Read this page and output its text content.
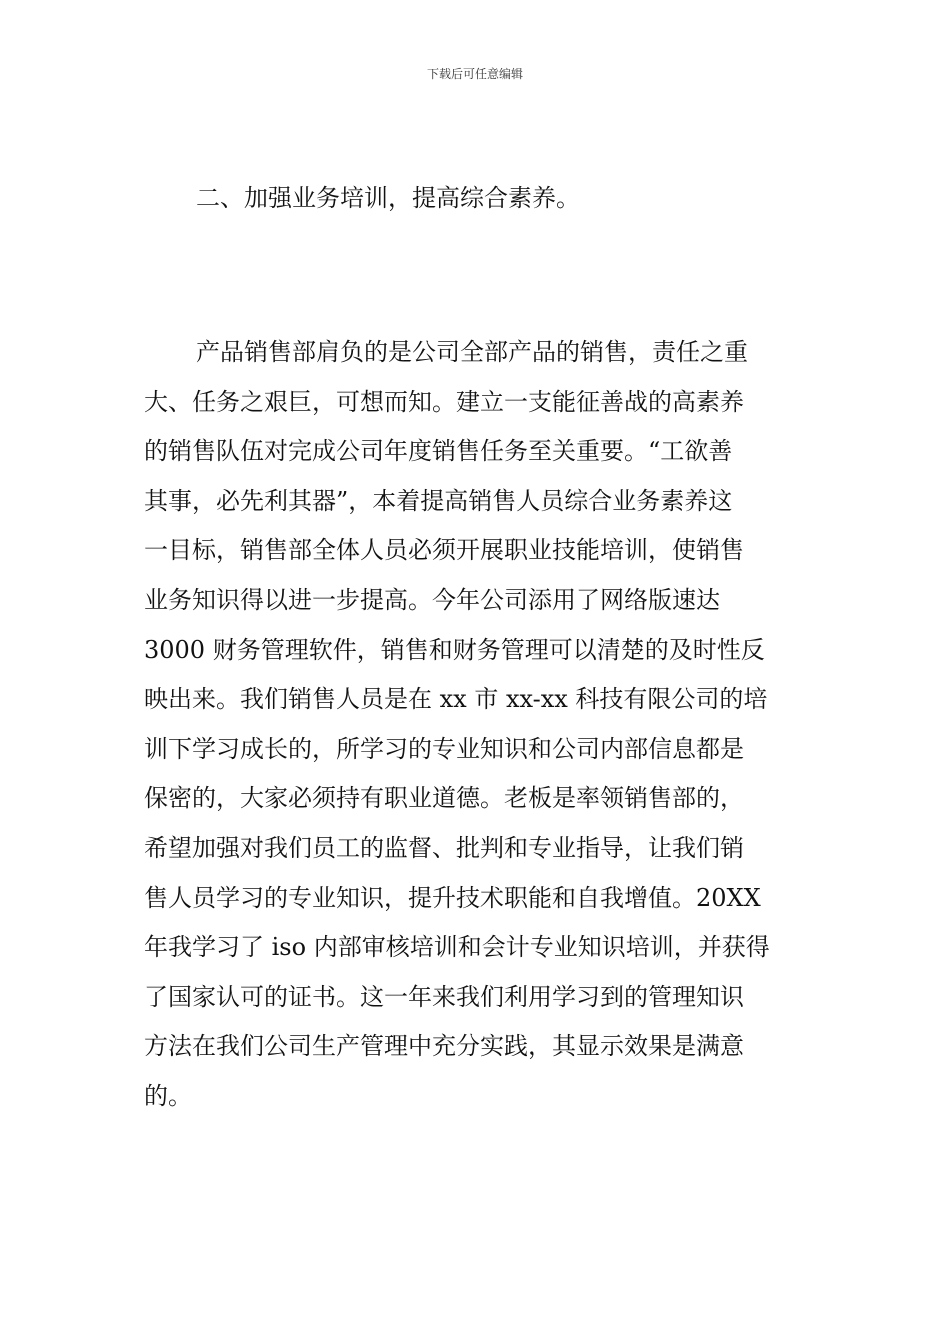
下载后可任意编辑
二、加强业务培训，提高综合素养。
产品销售部肩负的是公司全部产品的销售，责任之重
大、任务之艰巨，可想而知。建立一支能征善战的高素养
的销售队伍对完成公司年度销售任务至关重要。“工欲善
其事，必先利其器”，本着提高销售人员综合业务素养这
一目标，销售部全体人员必须开展职业技能培训，使销售
业务知识得以进一步提高。今年公司添用了网络版速达
3000 财务管理软件，销售和财务管理可以清楚的及时性反
映出来。我们销售人员是在 xx 市 xx-xx 科技有限公司的培
训下学习成长的，所学习的专业知识和公司内部信息都是
保密的，大家必须持有职业道德。老板是率领销售部的，
希望加强对我们员工的监督、批判和专业指导，让我们销
售人员学习的专业知识，提升技术职能和自我增值。20XX
年我学习了 iso 内部审核培训和会计专业知识培训，并获得
了国家认可的证书。这一年来我们利用学习到的管理知识
方法在我们公司生产管理中充分实践，其显示效果是满意
的。
